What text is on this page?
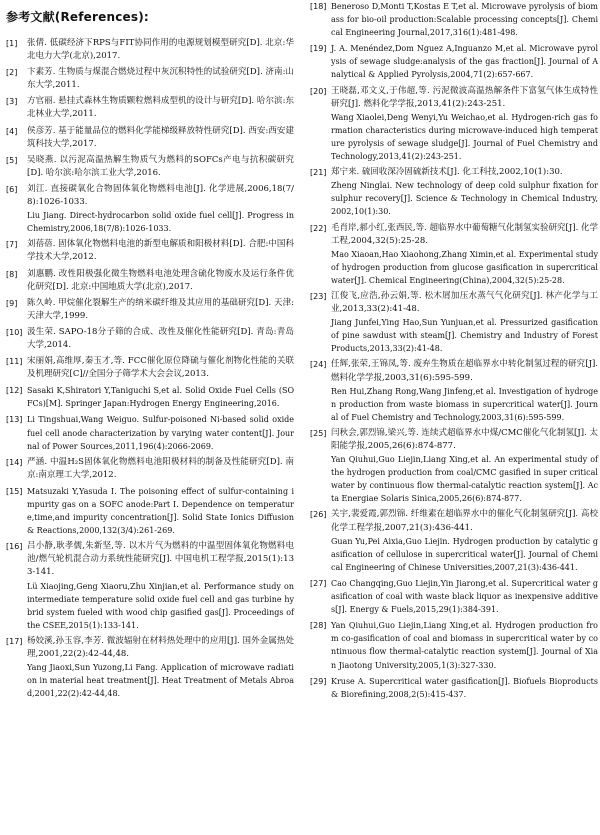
参考文献(References):
[1] 张倩. 低碳经济下RPS与FIT协同作用的电源规划模型研究[D]. 北京:华北电力大学(北京),2017.
[2] 卞素芳. 生物质与煤混合燃烧过程中灰沉积特性的试验研究[D]. 济南:山东大学,2011.
[3] 方官丽. 悬挂式森林生物质颗粒燃料成型机的设计与研究[D]. 哈尔滨:东北林业大学,2011.
[4] 侯彦芳. 基于能量品位的燃料化学能梯级释放特性研究[D]. 西安:西安建筑科技大学,2017.
[5] 吴晓燕. 以污泥高温热解生物质气为燃料的SOFCs产电与抗积碳研究[D]. 哈尔滨:哈尔滨工业大学,2016.
[6] 刘江. 直接碳氧化合物固体氧化物燃料电池[J]. 化学进展,2006,18(7/8):1026-1033.
Liu Jiang. Direct-hydrocarbon solid oxide fuel cell[J]. Progress in Chemistry,2006,18(7/8):1026-1033.
[7] 刘蓓蓓. 固体氧化物燃料电池的新型电解质和阳极材料[D]. 合肥:中国科学技术大学,2012.
[8] 刘惠鹏. 改性阳极强化微生物燃料电池处理含硫化物废水及运行条件优化研究[D]. 北京:中国地质大学(北京),2017.
[9] 陈久岭. 甲烷催化裂解生产的纳米碳纤维及其应用的基础研究[D]. 天津:天津大学,1999.
[10] 汲生荣. SAPO-18分子筛的合成、改性及催化性能研究[D]. 青岛:青岛大学,2014.
[11] 宋丽娟,高维厚,秦玉才,等. FCC催化原位降硫与催化剂物化性能的关联及机理研究[C]//全国分子筛学术大会会议,2013.
[12] Sasaki K,Shiratori Y,Taniguchi S,et al. Solid Oxide Fuel Cells (SOFCs)[M]. Springer Japan:Hydrogen Energy Engineering,2016.
[13] Li Tingshuai,Wang Weiguo. Sulfur-poisoned Ni-based solid oxide fuel cell anode characterization by varying water content[J]. Journal of Power Sources,2011,196(4):2066-2069.
[14] 严涵. 中温H₂S固体氧化物燃料电池阳极材料的制备及性能研究[D]. 南京:南京理工大学,2012.
[15] Matsuzaki Y,Yasuda I. The poisoning effect of sulfur-containing impurity gas on a SOFC anode:Part I. Dependence on temperature,time,and impurity concentration[J]. Solid State Ionics Diffusion & Reactions,2000,132(3/4):261-269.
[16] 吕小静,耿孝儒,朱新坚,等. 以木片气为燃料的中温型固体氧化物燃料电池/燃气轮机混合动力系统性能研究[J]. 中国电机工程学报,2015(1):133-141.
Lü Xiaojing,Geng Xiaoru,Zhu Xinjian,et al. Performance study on intermediate temperature solid oxide fuel cell and gas turbine hybrid system fueled with wood chip gasified gas[J]. Proceedings of the CSEE,2015(1):133-141.
[17] 杨姣溪,孙玉容,李芳. 微波辐射在材料热处理中的应用[J]. 国外金属热处理,2001,22(2):42-44,48.
Yang Jiaoxi,Sun Yuzong,Li Fang. Application of microwave radiation in material heat treatment[J]. Heat Treatment of Metals Abroad,2001,22(2):42-44,48.
[18] Beneroso D,Monti T,Kostas E T,et al. Microwave pyrolysis of biomass for bio-oil production:Scalable processing concepts[J]. Chemical Engineering Journal,2017,316(1):481-498.
[19] J. A. Menéndez,Dom Nguez A,Inguanzo M,et al. Microwave pyrolysis of sewage sludge:analysis of the gas fraction[J]. Journal of Analytical & Applied Pyrolysis,2004,71(2):657-667.
[20] 王晓磊,邓文义,于伟超,等. 污泥微波高温热解条件下富氢气体生成特性研究[J]. 燃料化学学报,2013,41(2):243-251.
Wang Xiaolei,Deng Wenyi,Yu Weichao,et al. Hydrogen-rich gas formation characteristics during microwave-induced high temperature pyrolysis of sewage sludge[J]. Journal of Fuel Chemistry and Technology,2013,41(2):243-251.
[21] 郑宁来. 硫回收深冷固硫新技术[J]. 化工科技,2002,10(1):30.
Zheng Ninglai. New technology of deep cold sulphur fixation for sulphur recovery[J]. Science & Technology in Chemical Industry,2002,10(1):30.
[22] 毛肖岸,郝小红,张西民,等. 超临界水中葡萄糖气化制氢实验研究[J]. 化学工程,2004,32(5):25-28.
Mao Xiaoan,Hao Xiaohong,Zhang Ximin,et al. Experimental study of hydrogen production from glucose gasification in supercritical water[J]. Chemical Engineering(China),2004,32(5):25-28.
[23] 江俊飞,应浩,孙云娟,等. 松木屑加压水蒸气气化研究[J]. 林产化学与工业,2013,33(2):41-48.
Jiang Junfei,Ying Hao,Sun Yunjuan,et al. Pressurized gasification of pine sawdust with steam[J]. Chemistry and Industry of Forest Products,2013,33(2):41-48.
[24] 任辉,张荣,王锦凤,等. 废弃生物质在超临界水中转化制氢过程的研究[J]. 燃料化学学报,2003,31(6):595-599.
Ren Hui,Zhang Rong,Wang Jinfeng,et al. Investigation of hydrogen production from waste biomass in supercritical water[J]. Journal of Fuel Chemistry and Technology,2003,31(6):595-599.
[25] 闫秋会,郭烈锦,梁兴,等. 连续式超临界水中煤/CMC催化气化制氢[J]. 太阳能学报,2005,26(6):874-877.
Yan Qiuhui,Guo Liejin,Liang Xing,et al. An experimental study of the hydrogen production from coal/CMC gasified in super critical water by continuous flow thermal-catalytic reaction system[J]. Acta Energiae Solaris Sinica,2005,26(6):874-877.
[26] 关宇,裴爱霞,郭烈锦. 纤维素在超临界水中的催化气化制氢研究[J]. 高校化学工程学报,2007,21(3):436-441.
Guan Yu,Pei Aixia,Guo Liejin. Hydrogen production by catalytic gasification of cellulose in supercritical water[J]. Journal of Chemical Engineering of Chinese Universities,2007,21(3):436-441.
[27] Cao Changqing,Guo Liejin,Yin Jiarong,et al. Supercritical water gasification of coal with waste black liquor as inexpensive additives[J]. Energy & Fuels,2015,29(1):384-391.
[28] Yan Qiuhui,Guo Liejin,Liang Xing,et al. Hydrogen production from co-gasification of coal and biomass in supercritical water by continuous flow thermal-catalytic reaction system[J]. Journal of Xian Jiaotong University,2005,1(3):327-330.
[29] Kruse A. Supercritical water gasification[J]. Biofuels Bioproducts & Biorefining,2008,2(5):415-437.
